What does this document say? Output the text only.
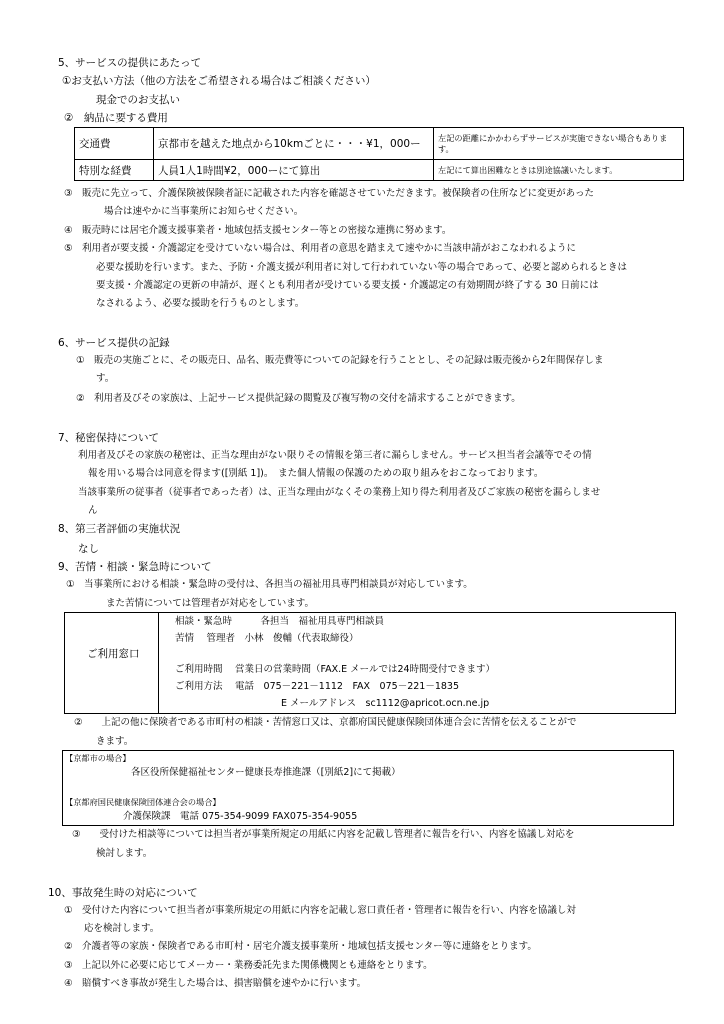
5、サービスの提供にあたって
①お支払い方法（他の方法をご希望される場合はご相談ください）
現金でのお支払い
②　納品に要する費用
交通費	京都市を越えた地点から10kmごとに・・・¥1，000ー	左記の距離にかかわらずサービスが実施できない場合もあります。
特別な経費	人員1人1時間¥2，000ーにて算出	左記にて算出困難なときは別途協議いたします。
③　販売に先立って、介護保険被保険者証に記載された内容を確認させていただきます。被保険者の住所などに変更があった
場合は速やかに当事業所にお知らせください。
④　販売時には居宅介護支援事業者・地域包括支援センター等との密接な連携に努めます。
⑤　利用者が要支援・介護認定を受けていない場合は、利用者の意思を踏まえて速やかに当該申請がおこなわれるように
必要な援助を行います。また、予防・介護支援が利用者に対して行われていない等の場合であって、必要と認められるときは
要支援・介護認定の更新の申請が、遅くとも利用者が受けている要支援・介護認定の有効期間が終了する 30 日前には
なされるよう、必要な援助を行うものとします。
6、サービス提供の記録
①　販売の実施ごとに、その販売日、品名、販売費等についての記録を行うこととし、その記録は販売後から2年間保存しま
す。
②　利用者及びその家族は、上記サービス提供記録の閲覧及び複写物の交付を請求することができます。
7、秘密保持について
利用者及びその家族の秘密は、正当な理由がない限りその情報を第三者に漏らしません。サービス担当者会議等でその情
報を用いる場合は同意を得ます([別紙 1])。　また個人情報の保護のための取り組みをおこなっております。
当該事業所の従事者（従事者であった者）は、正当な理由がなくその業務上知り得た利用者及びご家族の秘密を漏らしませ
ん
8、第三者評価の実施状況
なし
9、苦情・相談・緊急時について
①　当事業所における相談・緊急時の受付は、各担当の福祉用具専門相談員が対応しています。
また苦情については管理者が対応をしています。
ご利用窓口
相談・緊急時　　　各担当　福祉用具専門相談員
苦情　 管理者　小林　俊輔（代表取締役）
ご利用時間　 営業日の営業時間（FAX.E メールでは24時間受付できます）
ご利用方法　 電話　075－221－1112　FAX　075－221－1835
E メールアドレス　sc1112@apricot.ocn.ne.jp
②　　上記の他に保険者である市町村の相談・苦情窓口又は、京都府国民健康保険団体連合会に苦情を伝えることがで
きます。
【京都市の場合】
各区役所保健福祉センター健康長寿推進課（[別紙2]にて掲載）
【京都府国民健康保険団体連合会の場合】
介護保険課　電話 075-354-9099 FAX075-354-9055
③　　受付けた相談等については担当者が事業所規定の用紙に内容を記載し管理者に報告を行い、内容を協議し対応を
検討します。
10、事故発生時の対応について
①　受付けた内容について担当者が事業所規定の用紙に内容を記載し窓口責任者・管理者に報告を行い、内容を協議し対
応を検討します。
②　介護者等の家族・保険者である市町村・居宅介護支援事業所・地域包括支援センター等に連絡をとります。
③　上記以外に必要に応じてメーカー・業務委託先また関係機関とも連絡をとります。
④　賠償すべき事故が発生した場合は、損害賠償を速やかに行います。
